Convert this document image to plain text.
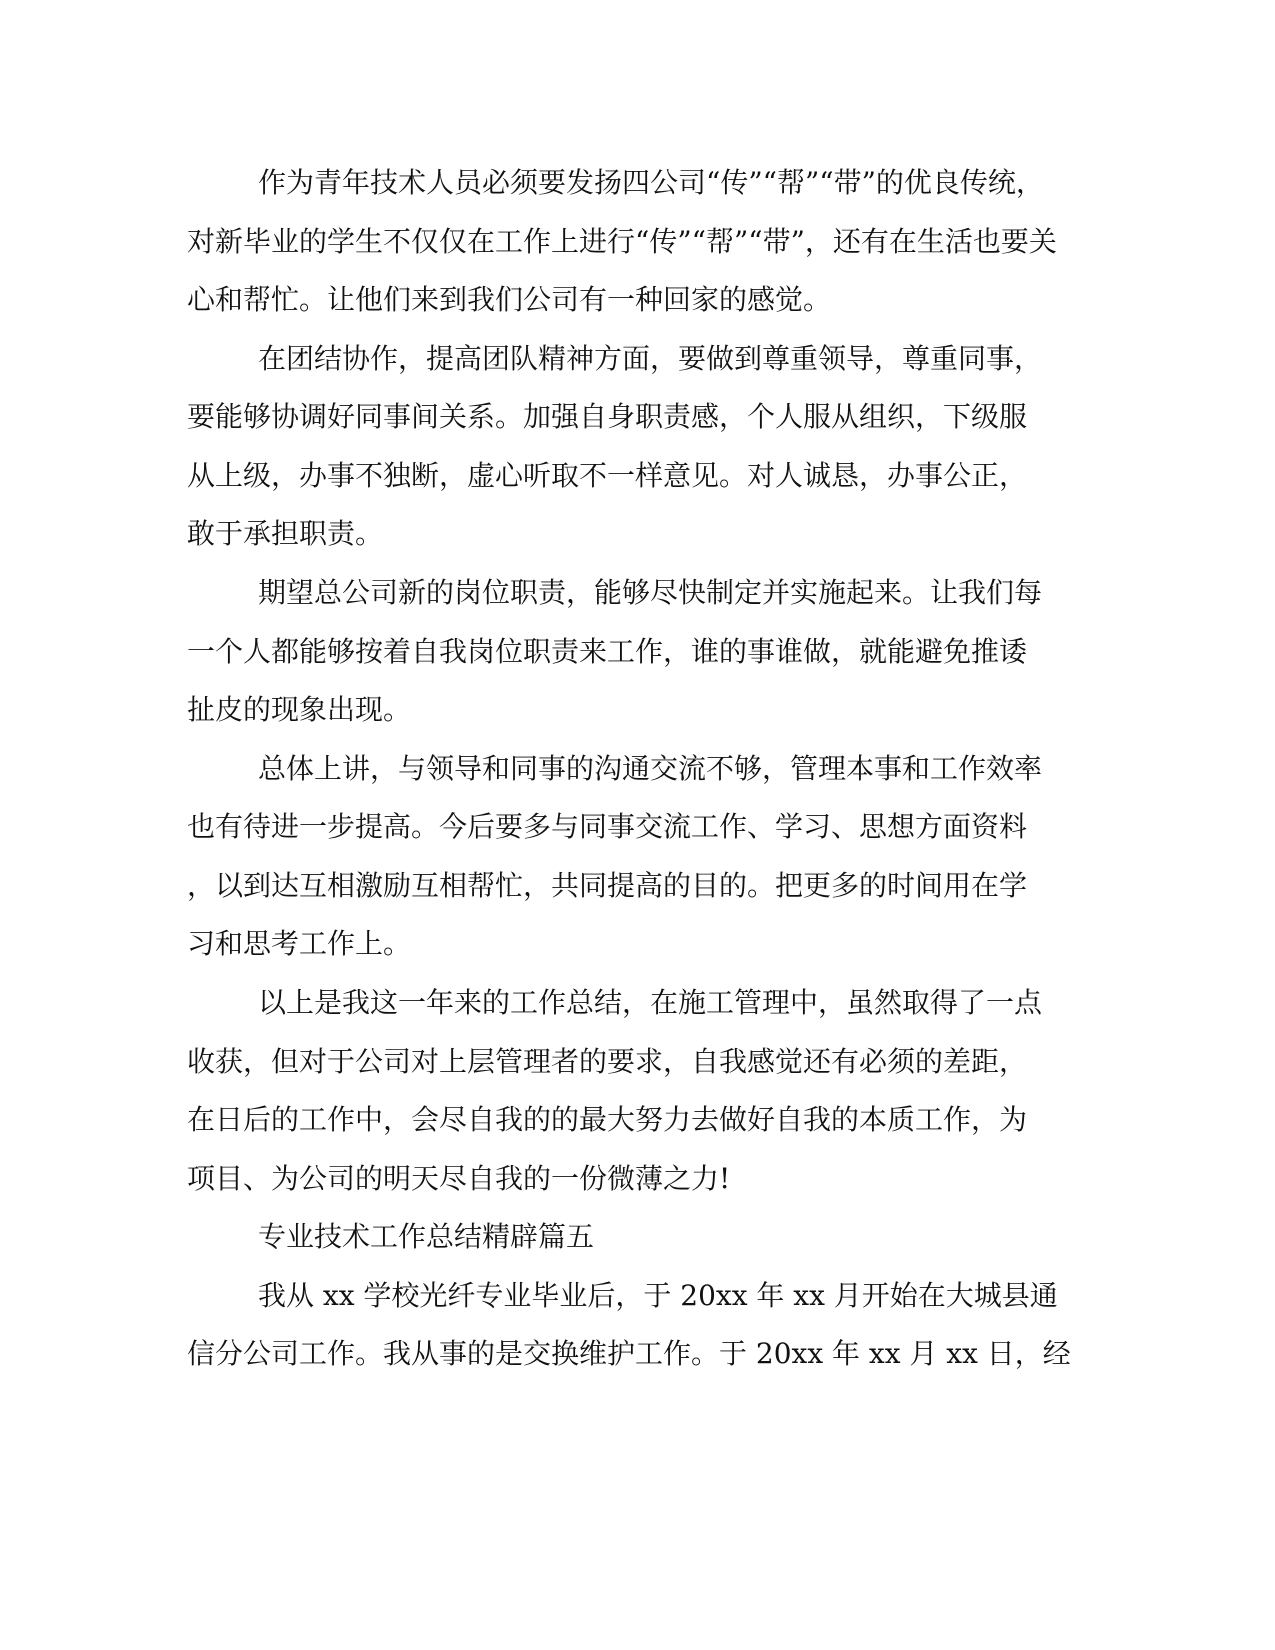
作为青年技术人员必须要发扬四公司“传”“帮”“带”的优良传统，
对新毕业的学生不仅仅在工作上进行“传”“帮”“带”，还有在生活也要关
心和帮忙。让他们来到我们公司有一种回家的感觉。
在团结协作，提高团队精神方面，要做到尊重领导，尊重同事，
要能够协调好同事间关系。加强自身职责感，个人服从组织，下级服
从上级，办事不独断，虚心听取不一样意见。对人诚恳，办事公正，
敢于承担职责。
期望总公司新的岗位职责，能够尽快制定并实施起来。让我们每
一个人都能够按着自我岗位职责来工作，谁的事谁做，就能避免推诿
扯皮的现象出现。
总体上讲，与领导和同事的沟通交流不够，管理本事和工作效率
也有待进一步提高。今后要多与同事交流工作、学习、思想方面资料
，以到达互相激励互相帮忙，共同提高的目的。把更多的时间用在学
习和思考工作上。
以上是我这一年来的工作总结，在施工管理中，虽然取得了一点
收获，但对于公司对上层管理者的要求，自我感觉还有必须的差距，
在日后的工作中，会尽自我的的最大努力去做好自我的本质工作，为
项目、为公司的明天尽自我的一份微薄之力!
专业技术工作总结精辟篇五
我从 xx 学校光纤专业毕业后，于 20xx 年 xx 月开始在大城县通
信分公司工作。我从事的是交换维护工作。于 20xx 年 xx 月 xx 日，经
